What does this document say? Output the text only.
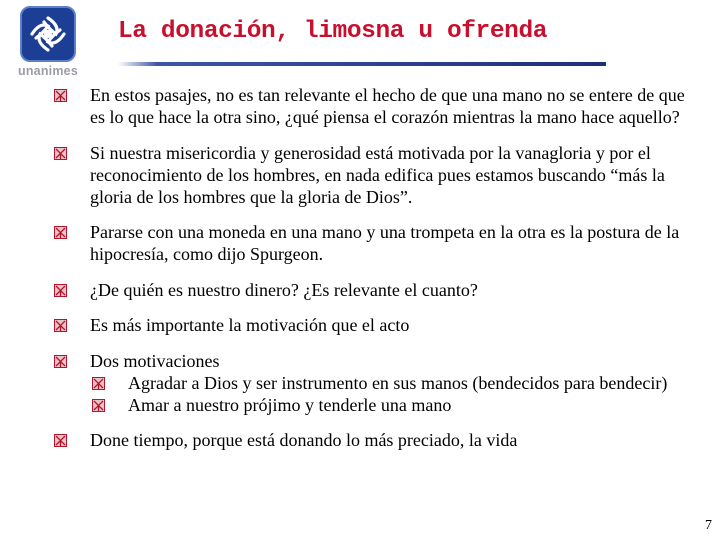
unanimes
La donación, limosna u ofrenda
En estos pasajes, no es tan relevante el hecho de que una mano no se entere de que es lo que hace la otra sino, ¿qué piensa el corazón mientras la mano hace aquello?
Si nuestra misericordia y generosidad está motivada por la vanagloria y por el reconocimiento de los hombres, en nada edifica pues estamos buscando “más la gloria de los hombres que la gloria de Dios”.
Pararse con una moneda en una mano y una trompeta en la otra es la postura de la hipocresía, como dijo Spurgeon.
¿De quién es nuestro dinero? ¿Es relevante el cuanto?
Es más importante la motivación que el acto
Dos motivaciones
Agradar a Dios y ser instrumento en sus manos (bendecidos para bendecir)
Amar a nuestro prójimo y tenderle una mano
Done tiempo, porque está donando lo más preciado, la vida
7
